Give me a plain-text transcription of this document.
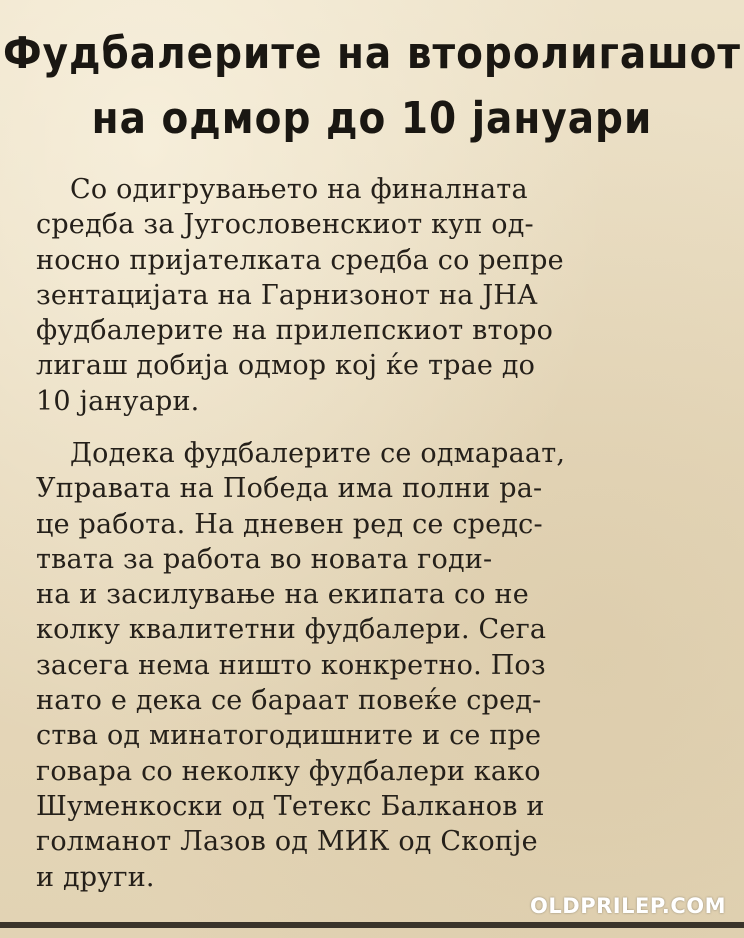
Фудбалерите на второлигашот
на одмор до 10 јануари
Со одигрувањето на финалната
средба за Југословенскиот куп од-
носно пријателката средба со репре
зентацијата на Гарнизонот на ЈНА
фудбалерите на прилепскиот второ
лигаш добија одмор кој ќе трае до
10 јануари.
Додека фудбалерите се одмараат,
Управата на Победа има полни ра-
це работа. На дневен ред се средс-
твата за работа во новата годи-
на и засилување на екипата со не
колку квалитетни фудбалери. Сега
засега нема ништо конкретно. Поз
нато е дека се бараат повеќе сред-
ства од минатогодишните и се пре
говара со неколку фудбалери како
Шуменкоски од Тетекс Балканов и
голманот Лазов од МИК од Скопје
и други.
OLDPRILEP.COM
